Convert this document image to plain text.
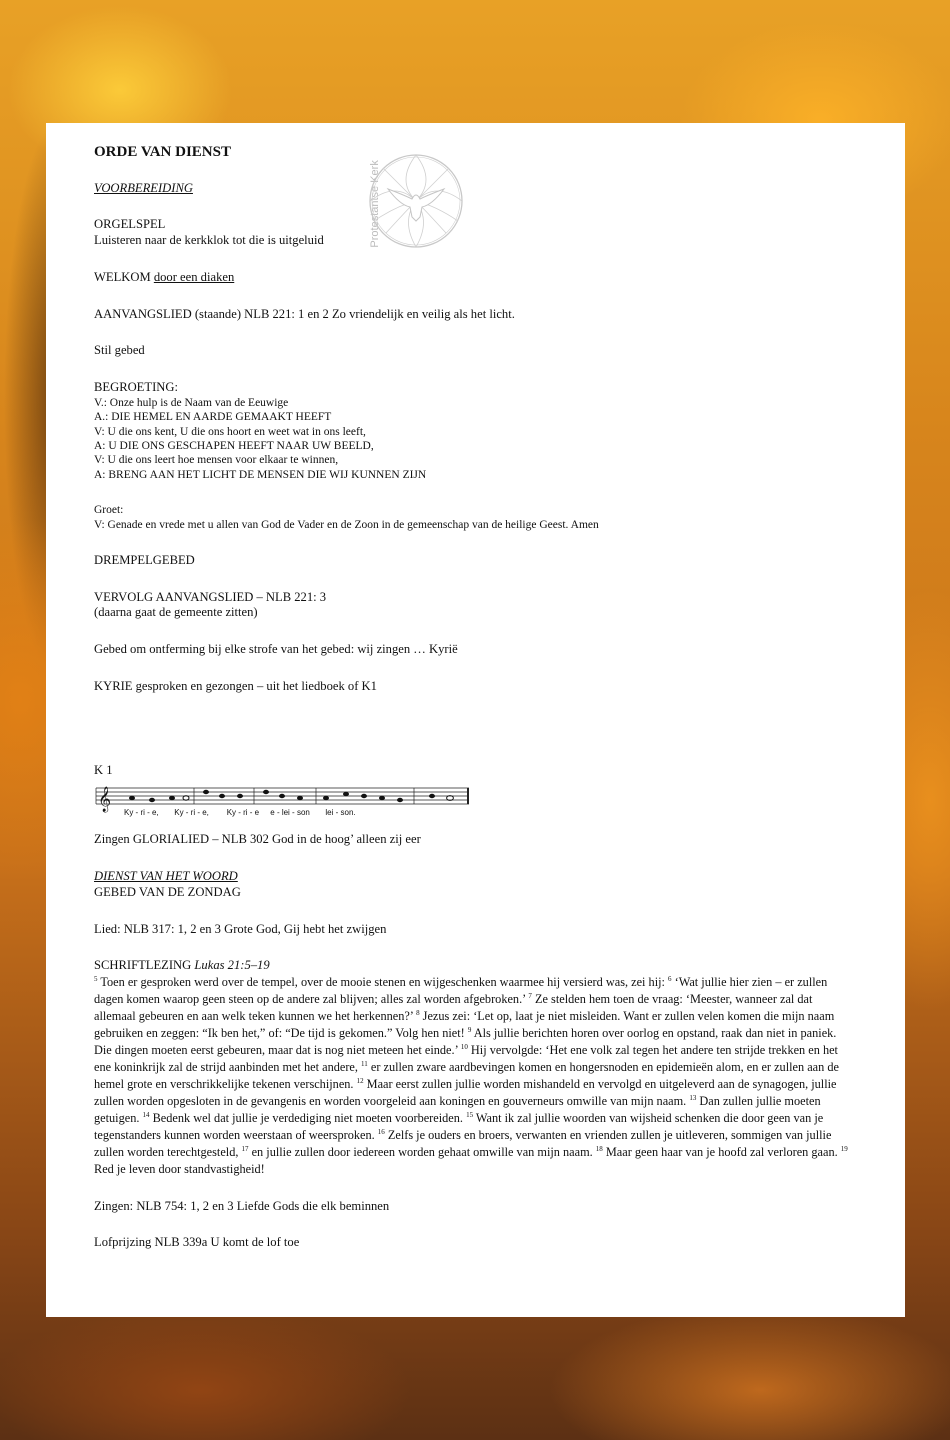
Protestantse Kerk

ORDE VAN DIENST

VOORBEREIDING

ORGELSPEL

Luisteren naar de kerkklok tot die is uitgeluid

WELKOM door een diaken

AANVANGSLIED (staande) NLB 221: 1 en 2 Zo vriendelijk en veilig als het licht.

Stil gebed

BEGROETING:

V.: Onze hulp is de Naam van de Eeuwige

A.: DIE HEMEL EN AARDE GEMAAKT HEEFT

V: U die ons kent, U die ons hoort en weet wat in ons leeft,

A: U DIE ONS GESCHAPEN HEEFT NAAR UW BEELD,

V: U die ons leert hoe mensen voor elkaar te winnen,

A: BRENG AAN HET LICHT DE MENSEN DIE WIJ KUNNEN ZIJN

Groet:

V: Genade en vrede met u allen van God de Vader en de Zoon in de gemeenschap van de heilige Geest. Amen

DREMPELGEBED

VERVOLG AANVANGSLIED – NLB 221: 3

(daarna gaat de gemeente zitten)

Gebed om ontferming bij elke strofe van het gebed: wij zingen … Kyrië

KYRIE gesproken en gezongen – uit het liedboek of K1

K 1

𝄞
Ky - ri - e, Ky - ri - e, Ky - ri - e e - lei - son lei - son.

Zingen GLORIALIED – NLB 302 God in de hoog’ alleen zij eer

DIENST VAN HET WOORD

GEBED VAN DE ZONDAG

Lied: NLB 317: 1, 2 en 3 Grote God, Gij hebt het zwijgen

SCHRIFTLEZING Lukas 21:5–19

$^5$ Toen er gesproken werd over de tempel, over de mooie stenen en wijgeschenken waarmee hij versierd was, zei hij: $^6$ ‘Wat jullie hier zien – er zullen dagen komen waarop geen steen op de andere zal blijven; alles zal worden afgebroken.’ $^7$ Ze stelden hem toen de vraag: ‘Meester, wanneer zal dat allemaal gebeuren en aan welk teken kunnen we het herkennen?’ $^8$ Jezus zei: ‘Let op, laat je niet misleiden. Want er zullen velen komen die mijn naam gebruiken en zeggen: “Ik ben het,” of: “De tijd is gekomen.” Volg hen niet! $^9$ Als jullie berichten horen over oorlog en opstand, raak dan niet in paniek. Die dingen moeten eerst gebeuren, maar dat is nog niet meteen het einde.’ $^{10}$ Hij vervolgde: ‘Het ene volk zal tegen het andere ten strijde trekken en het ene koninkrijk zal de strijd aanbinden met het andere, $^{11}$ er zullen zware aardbevingen komen en hongersnoden en epidemieën alom, en er zullen aan de hemel grote en verschrikkelijke tekenen verschijnen. $^{12}$ Maar eerst zullen jullie worden mishandeld en vervolgd en uitgeleverd aan de synagogen, jullie zullen worden opgesloten in de gevangenis en worden voorgeleid aan koningen en gouverneurs omwille van mijn naam. $^{13}$ Dan zullen jullie moeten getuigen. $^{14}$ Bedenk wel dat jullie je verdediging niet moeten voorbereiden. $^{15}$ Want ik zal jullie woorden van wijsheid schenken die door geen van je tegenstanders kunnen worden weerstaan of weersproken. $^{16}$ Zelfs je ouders en broers, verwanten en vrienden zullen je uitleveren, sommigen van jullie zullen worden terechtgesteld, $^{17}$ en jullie zullen door iedereen worden gehaat omwille van mijn naam. $^{18}$ Maar geen haar van je hoofd zal verloren gaan. $^{19}$ Red je leven door standvastigheid!

Zingen: NLB 754: 1, 2 en 3 Liefde Gods die elk beminnen

Lofprijzing NLB 339a U komt de lof toe
